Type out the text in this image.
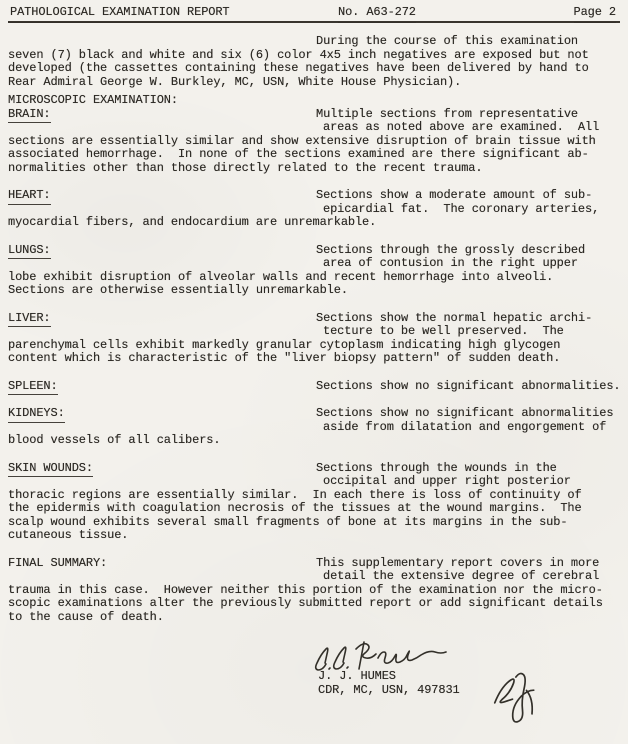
PATHOLOGICAL EXAMINATION REPORT	No. A63-272	Page 2
During the course of this examination
seven (7) black and white and six (6) color 4x5 inch negatives are exposed but not
developed (the cassettes containing these negatives have been delivered by hand to
Rear Admiral George W. Burkley, MC, USN, White House Physician).
MICROSCOPIC EXAMINATION:
BRAIN:	Multiple sections from representative
areas as noted above are examined.  All
sections are essentially similar and show extensive disruption of brain tissue with
associated hemorrhage.  In none of the sections examined are there significant ab-
normalities other than those directly related to the recent trauma.
HEART:	Sections show a moderate amount of sub-
epicardial fat.  The coronary arteries,
myocardial fibers, and endocardium are unremarkable.
LUNGS:	Sections through the grossly described
area of contusion in the right upper
lobe exhibit disruption of alveolar walls and recent hemorrhage into alveoli.
Sections are otherwise essentially unremarkable.
LIVER:	Sections show the normal hepatic archi-
tecture to be well preserved.  The
parenchymal cells exhibit markedly granular cytoplasm indicating high glycogen
content which is characteristic of the "liver biopsy pattern" of sudden death.
SPLEEN:	Sections show no significant abnormalities.
KIDNEYS:	Sections show no significant abnormalities
aside from dilatation and engorgement of
blood vessels of all calibers.
SKIN WOUNDS:	Sections through the wounds in the
occipital and upper right posterior
thoracic regions are essentially similar.  In each there is loss of continuity of
the epidermis with coagulation necrosis of the tissues at the wound margins.  The
scalp wound exhibits several small fragments of bone at its margins in the sub-
cutaneous tissue.
FINAL SUMMARY:	This supplementary report covers in more
detail the extensive degree of cerebral
trauma in this case.  However neither this portion of the examination nor the micro-
scopic examinations alter the previously submitted report or add significant details
to the cause of death.
J. J. HUMES
CDR, MC, USN, 497831
